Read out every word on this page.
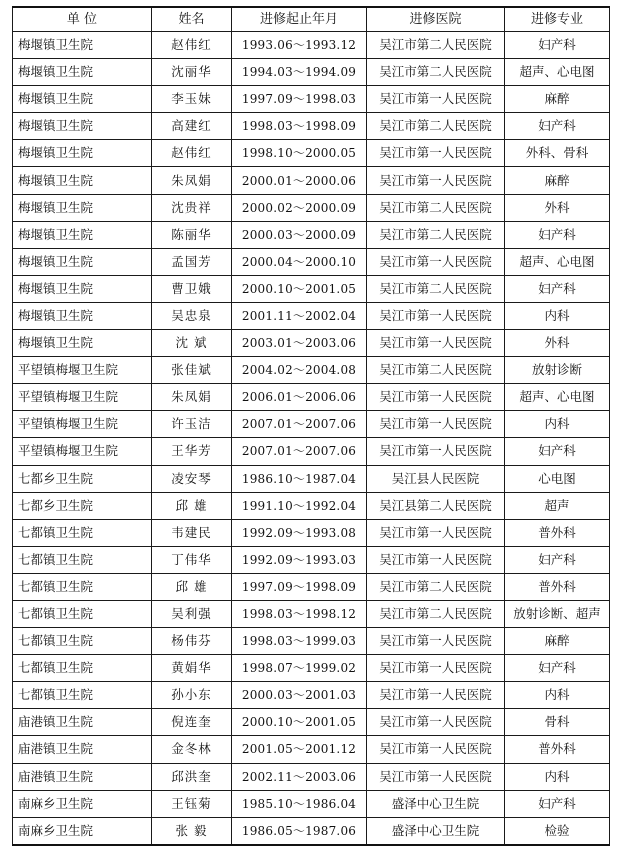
单 位	姓名	进修起止年月	进修医院	进修专业
梅堰镇卫生院	赵伟红	1993.06～1993.12	吴江市第二人民医院	妇产科
梅堰镇卫生院	沈丽华	1994.03～1994.09	吴江市第二人民医院	超声、心电图
梅堰镇卫生院	李玉妹	1997.09～1998.03	吴江市第一人民医院	麻醉
梅堰镇卫生院	高建红	1998.03～1998.09	吴江市第二人民医院	妇产科
梅堰镇卫生院	赵伟红	1998.10～2000.05	吴江市第一人民医院	外科、骨科
梅堰镇卫生院	朱凤娟	2000.01～2000.06	吴江市第一人民医院	麻醉
梅堰镇卫生院	沈贵祥	2000.02～2000.09	吴江市第二人民医院	外科
梅堰镇卫生院	陈丽华	2000.03～2000.09	吴江市第二人民医院	妇产科
梅堰镇卫生院	孟国芳	2000.04～2000.10	吴江市第一人民医院	超声、心电图
梅堰镇卫生院	曹卫娥	2000.10～2001.05	吴江市第二人民医院	妇产科
梅堰镇卫生院	吴忠泉	2001.11～2002.04	吴江市第一人民医院	内科
梅堰镇卫生院	沈 斌	2003.01～2003.06	吴江市第一人民医院	外科
平望镇梅堰卫生院	张佳斌	2004.02～2004.08	吴江市第二人民医院	放射诊断
平望镇梅堰卫生院	朱凤娟	2006.01～2006.06	吴江市第一人民医院	超声、心电图
平望镇梅堰卫生院	许玉洁	2007.01～2007.06	吴江市第一人民医院	内科
平望镇梅堰卫生院	王华芳	2007.01～2007.06	吴江市第一人民医院	妇产科
七都乡卫生院	凌安琴	1986.10～1987.04	吴江县人民医院	心电图
七都乡卫生院	邱 雄	1991.10～1992.04	吴江县第二人民医院	超声
七都镇卫生院	韦建民	1992.09～1993.08	吴江市第一人民医院	普外科
七都镇卫生院	丁伟华	1992.09～1993.03	吴江市第一人民医院	妇产科
七都镇卫生院	邱 雄	1997.09～1998.09	吴江市第二人民医院	普外科
七都镇卫生院	吴利强	1998.03～1998.12	吴江市第二人民医院	放射诊断、超声
七都镇卫生院	杨伟芬	1998.03～1999.03	吴江市第一人民医院	麻醉
七都镇卫生院	黄娟华	1998.07～1999.02	吴江市第一人民医院	妇产科
七都镇卫生院	孙小东	2000.03～2001.03	吴江市第一人民医院	内科
庙港镇卫生院	倪连奎	2000.10～2001.05	吴江市第一人民医院	骨科
庙港镇卫生院	金冬林	2001.05～2001.12	吴江市第一人民医院	普外科
庙港镇卫生院	邱洪奎	2002.11～2003.06	吴江市第一人民医院	内科
南麻乡卫生院	王钰菊	1985.10～1986.04	盛泽中心卫生院	妇产科
南麻乡卫生院	张 毅	1986.05～1987.06	盛泽中心卫生院	检验
